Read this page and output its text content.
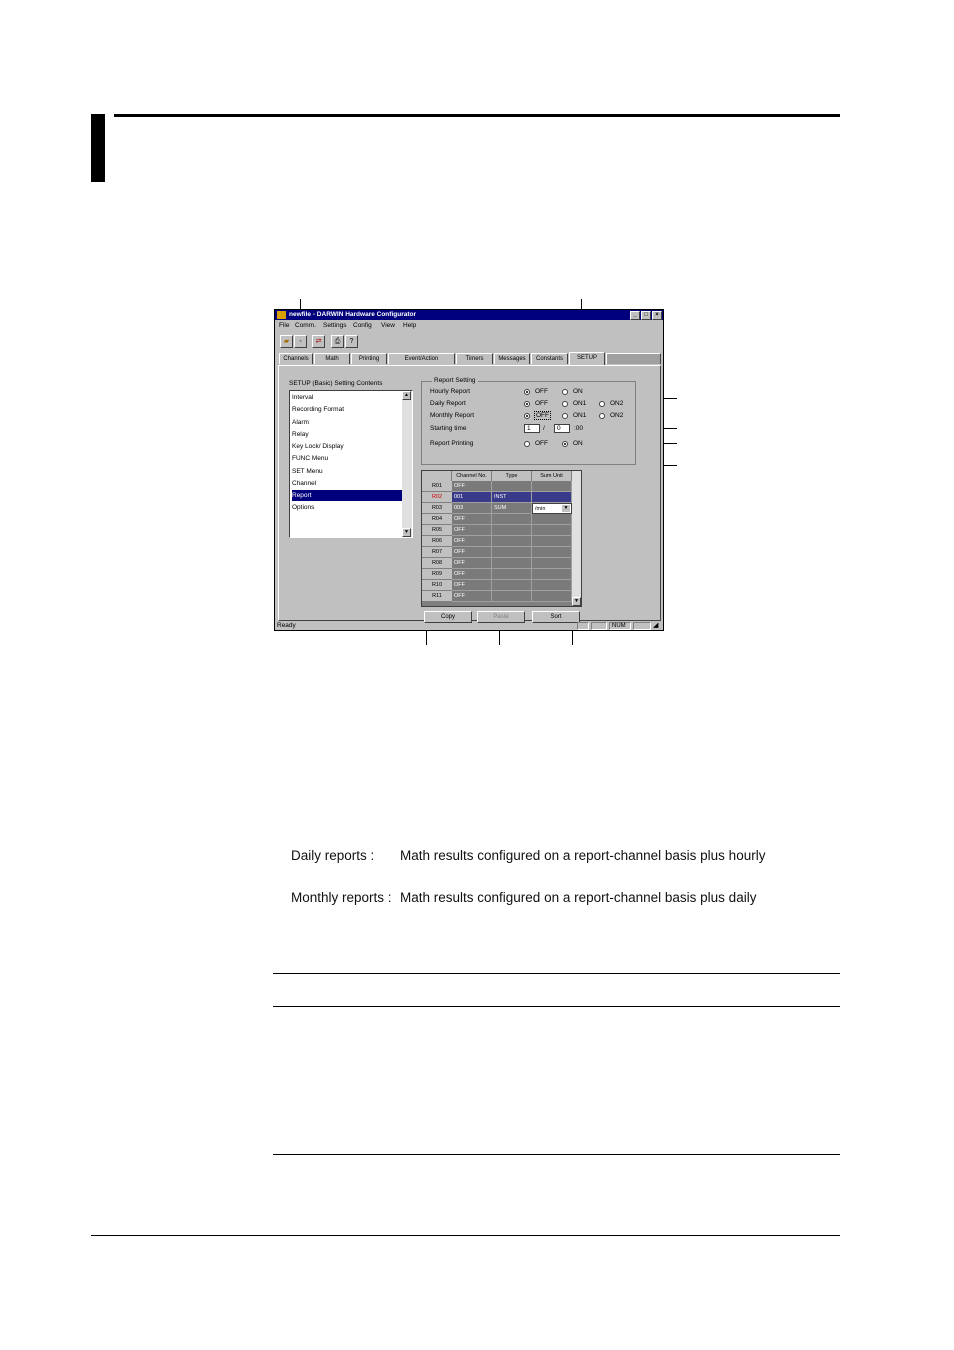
newfile - DARWIN Hardware Configurator	_	□	×
File Comm. Settings Config View Help
▰	▪	⇄	⎙	?
Channels	Math	Printing	Event/Action	Timers	Messages	Constants	SETUP
SETUP (Basic) Setting Contents
Interval
Recording Format
Alarm
Relay
Key Lock/ Display
FUNC Menu
SET Menu
Channel
Report
Options
▲
▼
Report Setting
Hourly Report	OFF	ON
Daily Report	OFF	ON1	ON2
Monthly Report	OFF	ON1	ON2
Starting time	1	/	0	:00
Report Printing	OFF	ON
Channel No.	Type	Sum Unit
R01	OFF
R02	001	INST
R03	003	SUM	/min	▼
R04	OFF
R05	OFF
R06	OFF
R07	OFF
R08	OFF
R09	OFF
R10	OFF
R11	OFF
▼
Copy	Paste	Sort
Ready	NUM	◢
Daily reports : Math results configured on a report-channel basis plus hourly
Monthly reports : Math results configured on a report-channel basis plus daily
